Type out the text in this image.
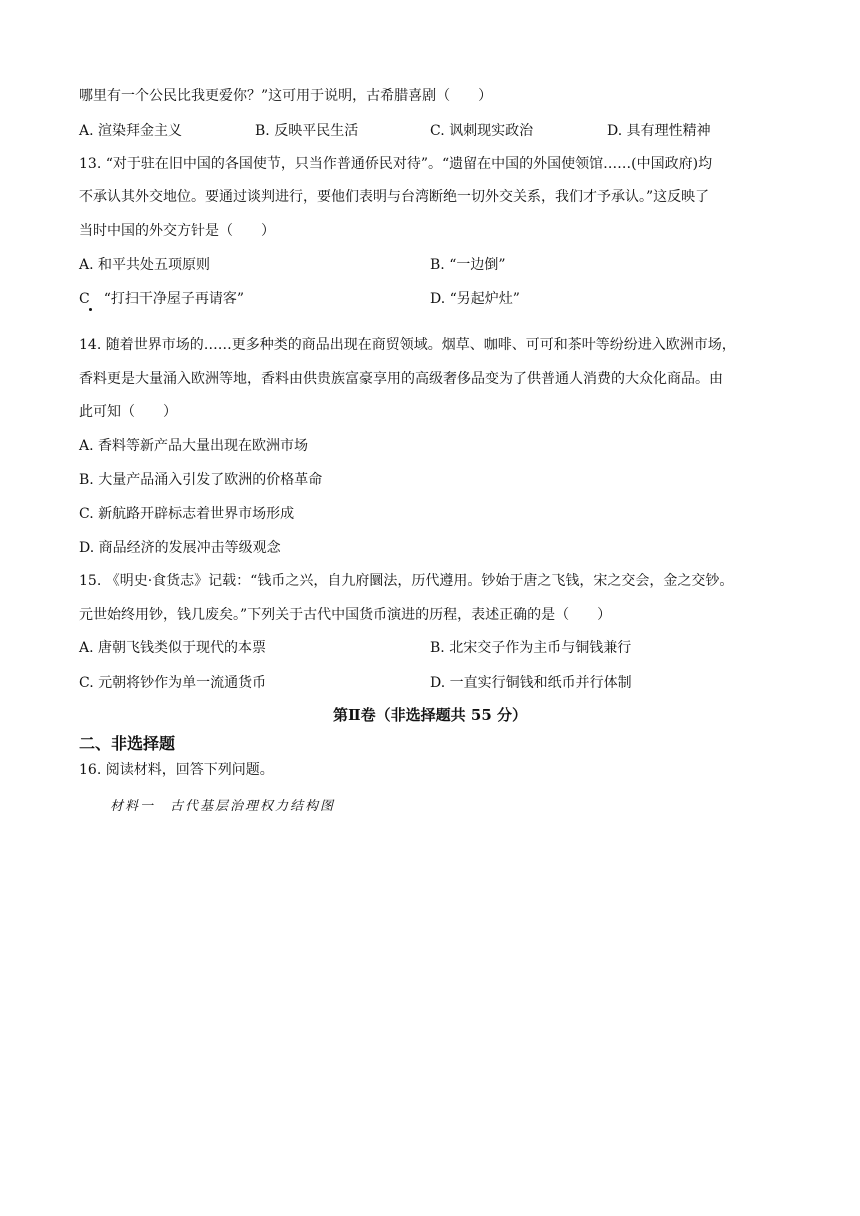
哪里有一个公民比我更爱你？”这可用于说明，古希腊喜剧（　　）
A. 渲染拜金主义	B. 反映平民生活	C. 讽刺现实政治	D. 具有理性精神
13. “对于驻在旧中国的各国使节，只当作普通侨民对待”。“遗留在中国的外国使领馆……(中国政府)均
不承认其外交地位。要通过谈判进行，要他们表明与台湾断绝一切外交关系，我们才予承认。”这反映了
当时中国的外交方针是（　　）
A. 和平共处五项原则	B. “一边倒”
C　“打扫干净屋子再请客”	D. “另起炉灶”
14. 随着世界市场的……更多种类的商品出现在商贸领域。烟草、咖啡、可可和茶叶等纷纷进入欧洲市场，
香料更是大量涌入欧洲等地，香料由供贵族富豪享用的高级奢侈品变为了供普通人消费的大众化商品。由
此可知（　　）
A. 香料等新产品大量出现在欧洲市场
B. 大量产品涌入引发了欧洲的价格革命
C. 新航路开辟标志着世界市场形成
D. 商品经济的发展冲击等级观念
15. 《明史·食货志》记载：“钱币之兴，自九府圜法，历代遵用。钞始于唐之飞钱，宋之交会，金之交钞。
元世始终用钞，钱几废矣。”下列关于古代中国货币演进的历程，表述正确的是（　　）
A. 唐朝飞钱类似于现代的本票	B. 北宋交子作为主币与铜钱兼行
C. 元朝将钞作为单一流通货币	D. 一直实行铜钱和纸币并行体制
第Ⅱ卷（非选择题共 55 分）
二、非选择题
16. 阅读材料，回答下列问题。
材料一　古代基层治理权力结构图
